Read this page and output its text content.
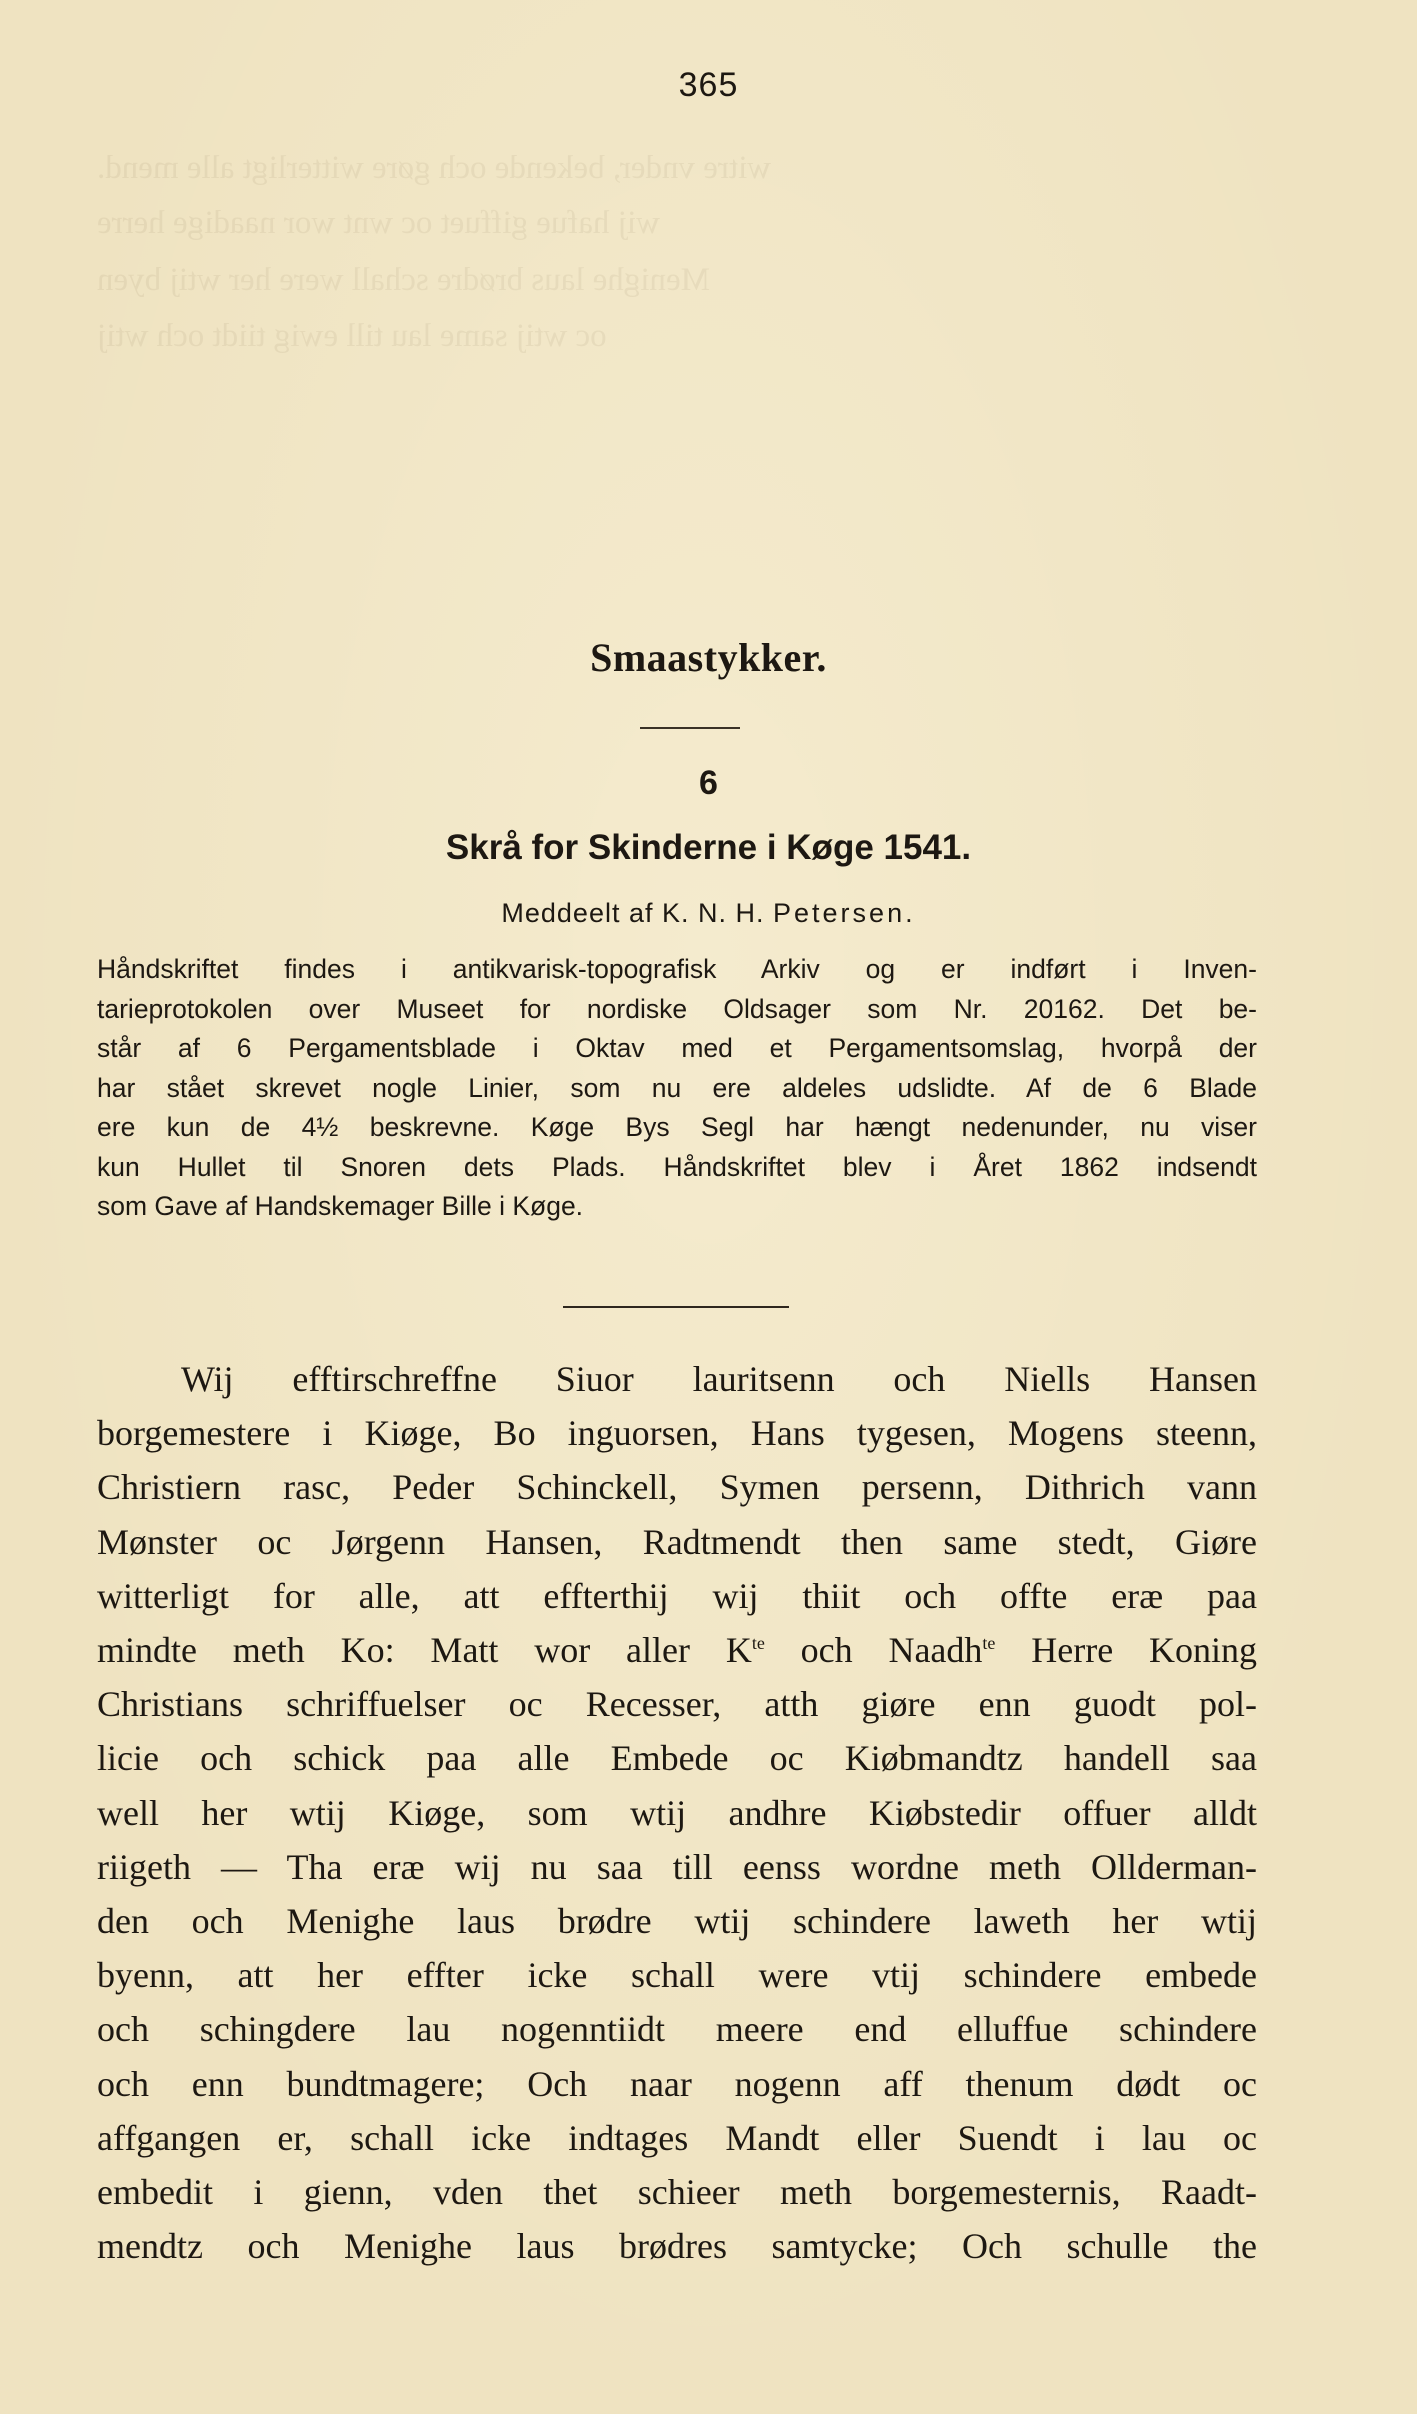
witre vnder, bekende och gøre witterligt alle mend.
wij hafue giffuet oc wnt wor naadige herre
Menighe laus brødre schall were her wtij byen
oc wtij same lau till ewig tiidt och wtij
365
Smaastykker.
6
Skrå for Skinderne i Køge 1541.
Meddeelt af K. N. H. Petersen.
Håndskriftet findes i antikvarisk-topografisk Arkiv og er indført i Inven-
tarieprotokolen over Museet for nordiske Oldsager som Nr. 20162. Det be-
står af 6 Pergamentsblade i Oktav med et Pergamentsomslag, hvorpå der
har stået skrevet nogle Linier, som nu ere aldeles udslidte. Af de 6 Blade
ere kun de 4½ beskrevne. Køge Bys Segl har hængt nedenunder, nu viser
kun Hullet til Snoren dets Plads. Håndskriftet blev i Året 1862 indsendt
som Gave af Handskemager Bille i Køge.
Wij efftirschreffne Siuor lauritsenn och Niells Hansen
borgemestere i Kiøge, Bo inguorsen, Hans tygesen, Mogens steenn,
Christiern rasc, Peder Schinckell, Symen persenn, Dithrich vann
Mønster oc Jørgenn Hansen, Radtmendt then same stedt, Giøre
witterligt for alle, att effterthij wij thiit och offte eræ paa
mindte meth Ko: Matt wor aller $K^{te}$ och Naadh$^{te}$ Herre Koning
Christians schriffuelser oc Recesser, atth giøre enn guodt pol-
licie och schick paa alle Embede oc Kiøbmandtz handell saa
well her wtij Kiøge, som wtij andhre Kiøbstedir offuer alldt
riigeth — Tha eræ wij nu saa till eenss wordne meth Ollderman-
den och Menighe laus brødre wtij schindere laweth her wtij
byenn, att her effter icke schall were vtij schindere embede
och schingdere lau nogenntiidt meere end elluffue schindere
och enn bundtmagere; Och naar nogenn aff thenum dødt oc
affgangen er, schall icke indtages Mandt eller Suendt i lau oc
embedit i gienn, vden thet schieer meth borgemesternis, Raadt-
mendtz och Menighe laus brødres samtycke; Och schulle the
